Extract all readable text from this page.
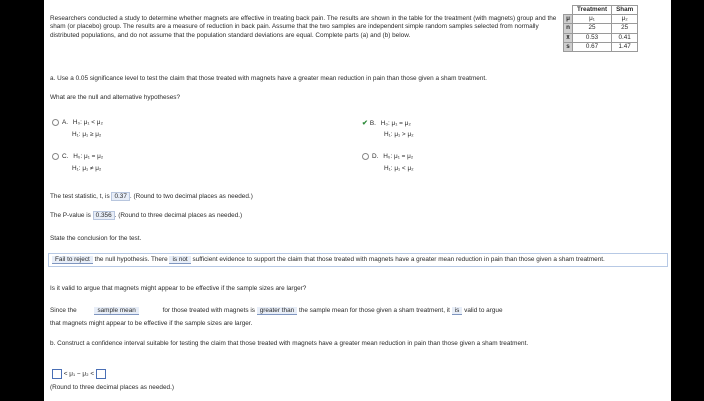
Researchers conducted a study to determine whether magnets are effective in treating back pain. The results are shown in the table for the treatment (with magnets) group and the sham (or placebo) group. The results are a measure of reduction in back pain. Assume that the two samples are independent simple random samples selected from normally distributed populations, and do not assume that the population standard deviations are equal. Complete parts (a) and (b) below.
	Treatment	Sham
μ	μ₁	μ₂
n	25	25
x̄	0.53	0.41
s	0.67	1.47
a. Use a 0.05 significance level to test the claim that those treated with magnets have a greater mean reduction in pain than those given a sham treatment.
What are the null and alternative hypotheses?
A. H₀: μ₁ < μ₂
H₁: μ₁ ≥ μ₂
✔ B. H₀: μ₁ = μ₂
H₁: μ₁ > μ₂
C. H₀: μ₁ = μ₂
H₁: μ₁ ≠ μ₂
D. H₀: μ₁ = μ₂
H₁: μ₁ < μ₂
The test statistic, t, is 0.37 . (Round to two decimal places as needed.)
The P-value is 0.356 . (Round to three decimal places as needed.)
State the conclusion for the test.
Fail to reject the null hypothesis. There is not sufficient evidence to support the claim that those treated with magnets have a greater mean reduction in pain than those given a sham treatment.
Is it valid to argue that magnets might appear to be effective if the sample sizes are larger?
Since the	sample mean	for those treated with magnets is greater than the sample mean for those given a sham treatment, it is valid to argue
that magnets might appear to be effective if the sample sizes are larger.
b. Construct a confidence interval suitable for testing the claim that those treated with magnets have a greater mean reduction in pain than those given a sham treatment.
< μ₁ − μ₂ <
(Round to three decimal places as needed.)
